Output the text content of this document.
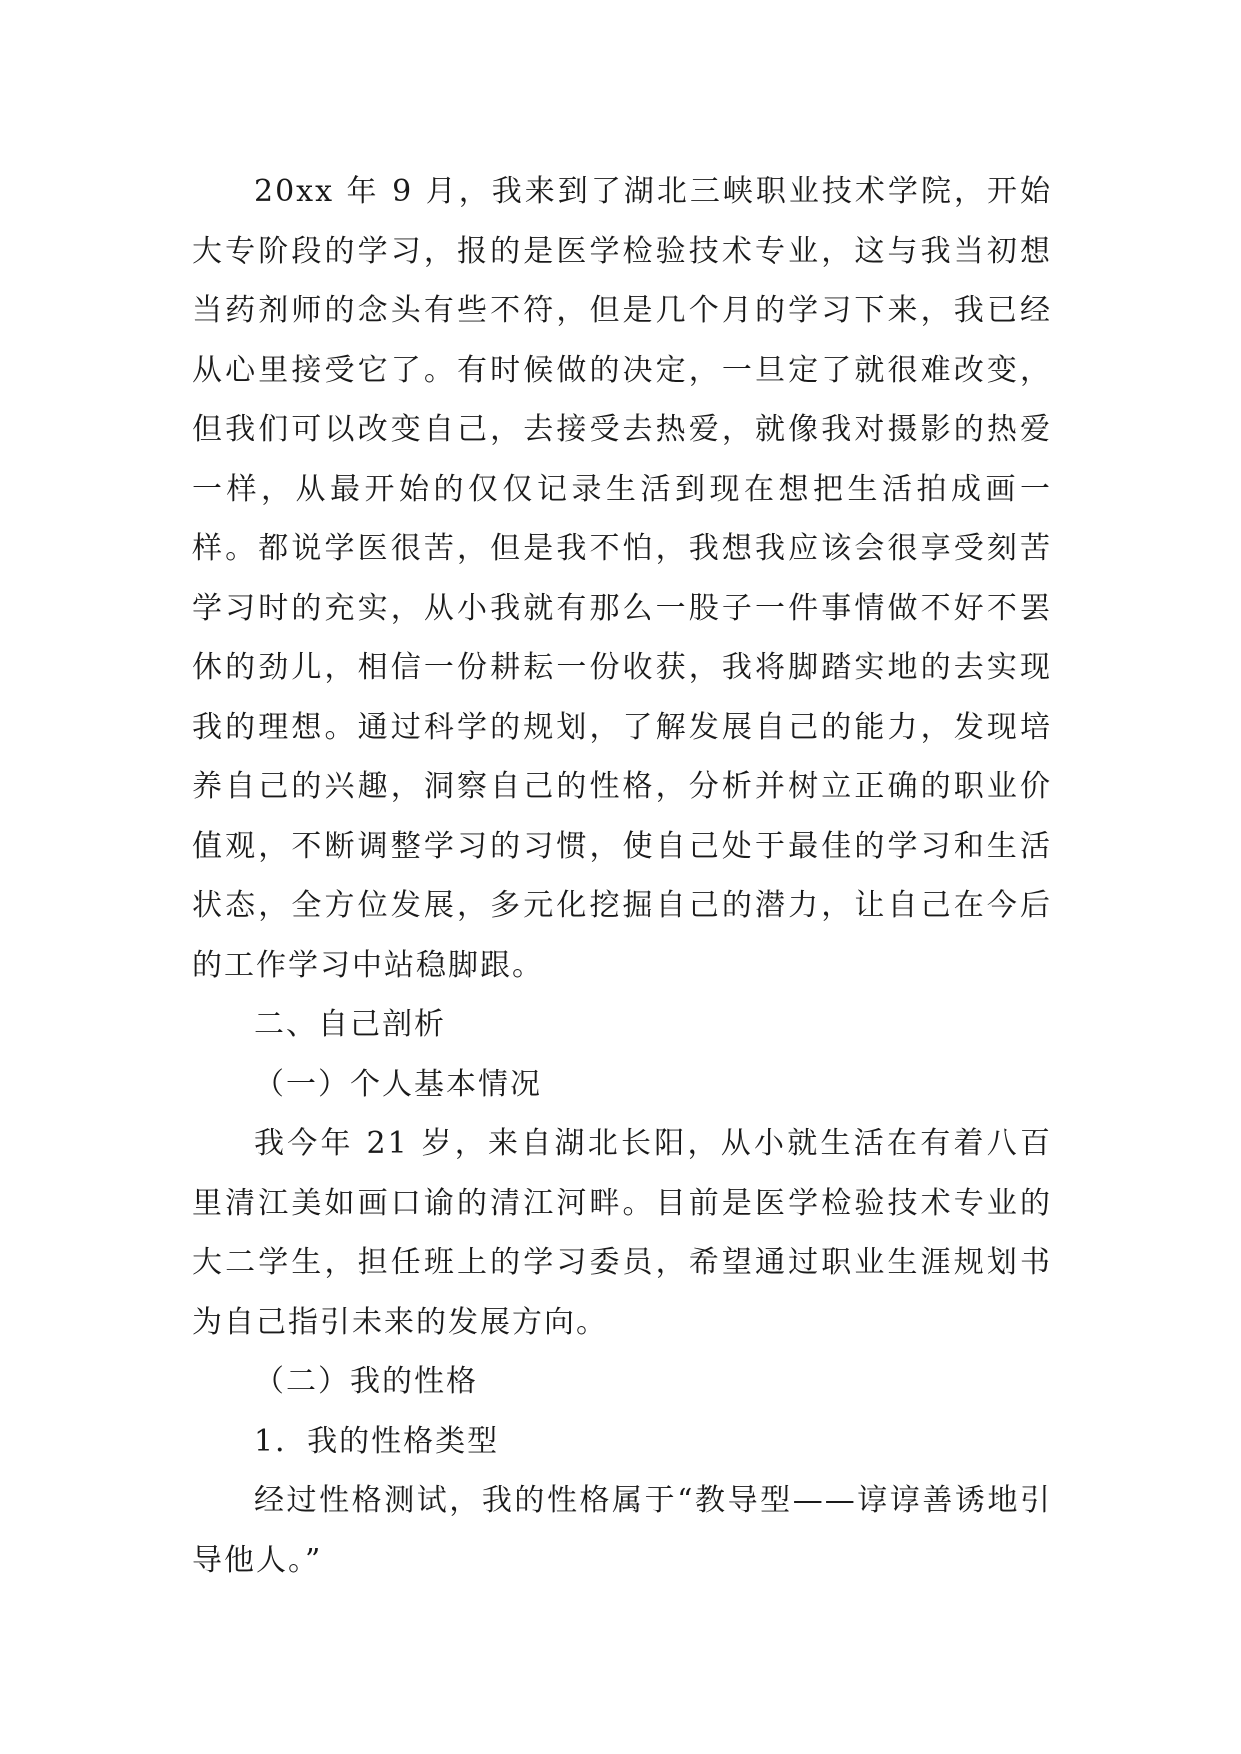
20xx 年 9 月，我来到了湖北三峡职业技术学院，开始大专阶段的学习，报的是医学检验技术专业，这与我当初想当药剂师的念头有些不符，但是几个月的学习下来，我已经从心里接受它了。有时候做的决定，一旦定了就很难改变，但我们可以改变自己，去接受去热爱，就像我对摄影的热爱一样，从最开始的仅仅记录生活到现在想把生活拍成画一样。都说学医很苦，但是我不怕，我想我应该会很享受刻苦学习时的充实，从小我就有那么一股子一件事情做不好不罢休的劲儿，相信一份耕耘一份收获，我将脚踏实地的去实现我的理想。通过科学的规划，了解发展自己的能力，发现培养自己的兴趣，洞察自己的性格，分析并树立正确的职业价值观，不断调整学习的习惯，使自己处于最佳的学习和生活状态，全方位发展，多元化挖掘自己的潜力，让自己在今后的工作学习中站稳脚跟。

二、自己剖析

（一）个人基本情况

我今年 21 岁，来自湖北长阳，从小就生活在有着八百里清江美如画口谕的清江河畔。目前是医学检验技术专业的大二学生，担任班上的学习委员，希望通过职业生涯规划书为自己指引未来的发展方向。

（二）我的性格

1．我的性格类型

经过性格测试，我的性格属于“教导型——谆谆善诱地引导他人。”
